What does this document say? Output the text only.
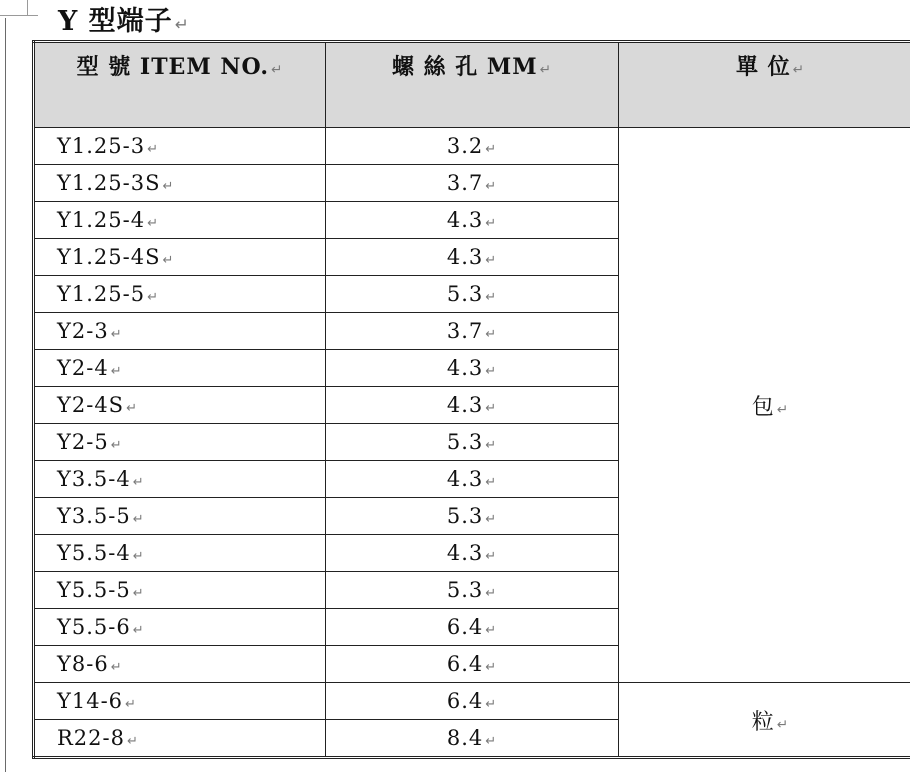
Y 型端子 ↵
型 號 ITEM NO. ↵	螺 絲 孔 MM ↵	單 位 ↵
Y1.25-3 ↵	3.2 ↵	包 ↵
Y1.25-3S ↵	3.7 ↵	
Y1.25-4 ↵	4.3 ↵	
Y1.25-4S ↵	4.3 ↵	
Y1.25-5 ↵	5.3 ↵	
Y2-3 ↵	3.7 ↵	
Y2-4 ↵	4.3 ↵	
Y2-4S ↵	4.3 ↵	
Y2-5 ↵	5.3 ↵	
Y3.5-4 ↵	4.3 ↵	
Y3.5-5 ↵	5.3 ↵	
Y5.5-4 ↵	4.3 ↵	
Y5.5-5 ↵	5.3 ↵	
Y5.5-6 ↵	6.4 ↵	
Y8-6 ↵	6.4 ↵	
Y14-6 ↵	6.4 ↵	粒 ↵
R22-8 ↵	8.4 ↵	
